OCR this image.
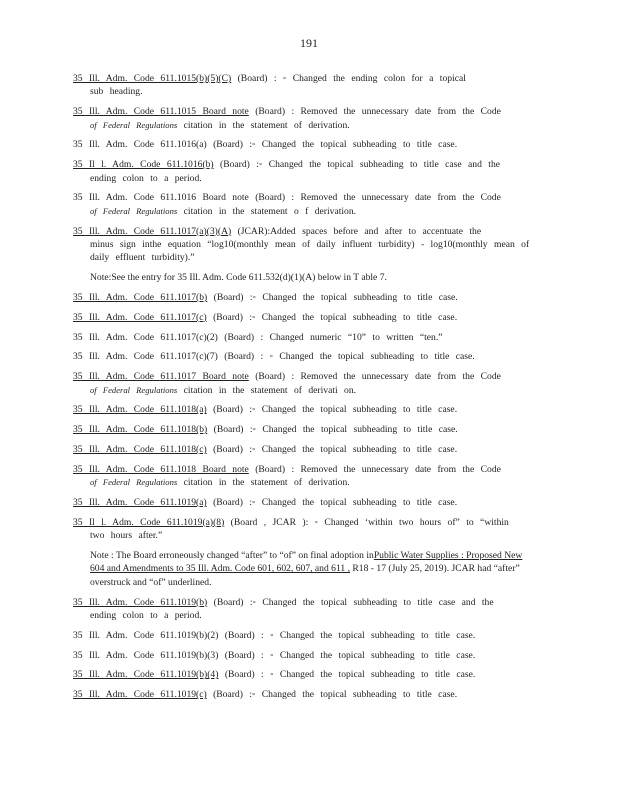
191
35 Ill. Adm. Code 611.1015(b)(5)(C) (Board) : ◦ Changed the ending colon for a topical
sub heading.
35 Ill. Adm. Code 611.1015 Board note (Board) : Removed the unnecessary date from the Code
of Federal Regulations citation in the statement of derivation.
35 Ill. Adm. Code 611.1016(a) (Board) :◦ Changed the topical subheading to title case.
35 Il l. Adm. Code 611.1016(b) (Board) :◦ Changed the topical subheading to title case and the
ending colon to a period.
35 Ill. Adm. Code 611.1016 Board note (Board) : Removed the unnecessary date from the Code
of Federal Regulations citation in the statement o f derivation.
35 Ill. Adm. Code 611.1017(a)(3)(A) (JCAR):Added spaces before and after to accentuate the
minus sign inthe equation “log10(monthly mean of daily influent turbidity) - log10(monthly mean of daily effluent turbidity).”
Note:See the entry for 35 Ill. Adm. Code 611.532(d)(1)(A) below in T able 7.
35 Ill. Adm. Code 611.1017(b) (Board) :◦ Changed the topical subheading to title case.
35 Ill. Adm. Code 611.1017(c) (Board) :◦ Changed the topical subheading to title case.
35 Ill. Adm. Code 611.1017(c)(2) (Board) : Changed numeric “10” to written “ten.”
35 Ill. Adm. Code 611.1017(c)(7) (Board) : ◦ Changed the topical subheading to title case.
35 Ill. Adm. Code 611.1017 Board note (Board) : Removed the unnecessary date from the Code
of Federal Regulations citation in the statement of derivati on.
35 Ill. Adm. Code 611.1018(a) (Board) :◦ Changed the topical subheading to title case.
35 Ill. Adm. Code 611.1018(b) (Board) :◦ Changed the topical subheading to title case.
35 Ill. Adm. Code 611.1018(c) (Board) :◦ Changed the topical subheading to title case.
35 Ill. Adm. Code 611.1018 Board note (Board) : Removed the unnecessary date from the Code
of Federal Regulations citation in the statement of derivation.
35 Ill. Adm. Code 611.1019(a) (Board) :◦ Changed the topical subheading to title case.
35 Il l. Adm. Code 611.1019(a)(8) (Board , JCAR ): ◦ Changed ‘within two hours of” to “within
two hours after.”
Note : The Board erroneously changed “after” to “of” on final adoption inPublic Water Supplies : Proposed New 604 and Amendments to 35 Ill. Adm. Code 601, 602, 607, and 611 , R18 - 17 (July 25, 2019). JCAR had “after” overstruck and “of” underlined.
35 Ill. Adm. Code 611.1019(b) (Board) :◦ Changed the topical subheading to title case and the
ending colon to a period.
35 Ill. Adm. Code 611.1019(b)(2) (Board) : ◦ Changed the topical subheading to title case.
35 Ill. Adm. Code 611.1019(b)(3) (Board) : ◦ Changed the topical subheading to title case.
35 Ill. Adm. Code 611.1019(b)(4) (Board) : ◦ Changed the topical subheading to title case.
35 Ill. Adm. Code 611.1019(c) (Board) :◦ Changed the topical subheading to title case.
